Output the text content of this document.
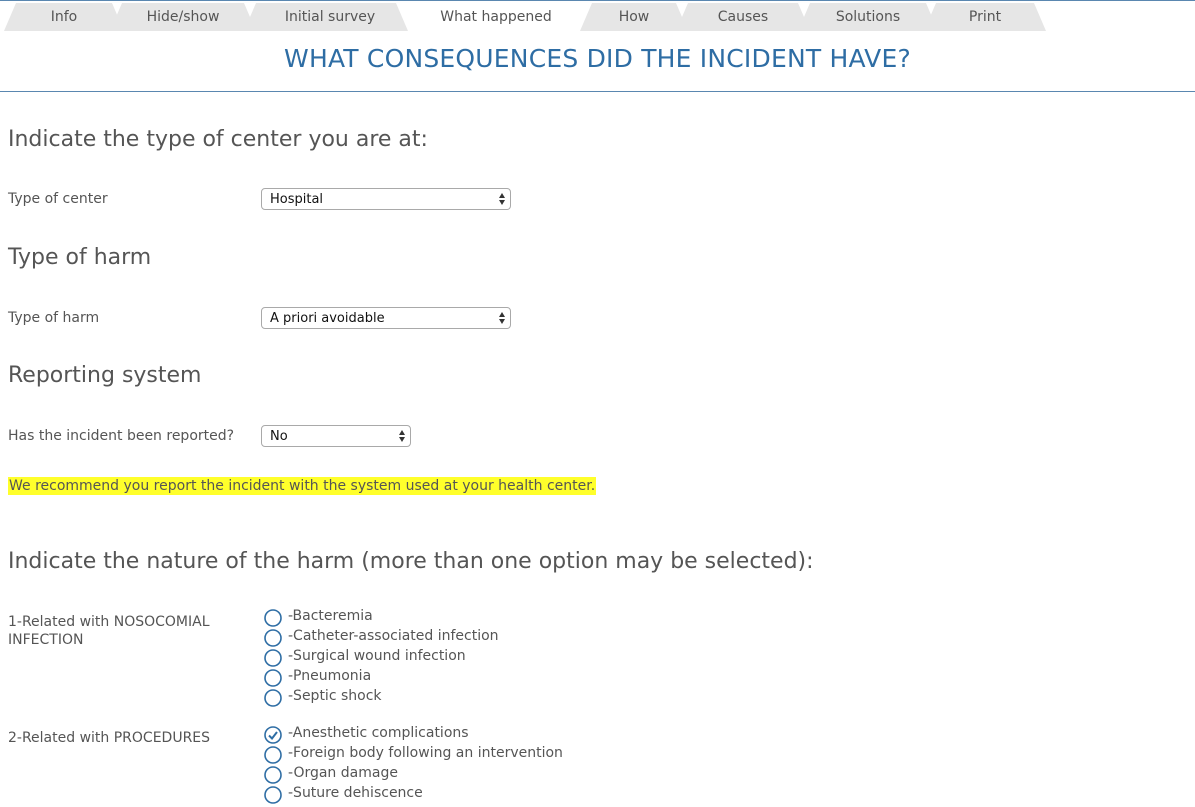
Info	Hide/show	Initial survey	What happened	How	Causes	Solutions	Print
WHAT CONSEQUENCES DID THE INCIDENT HAVE?
Indicate the type of center you are at:
Type of center	Hospital
Type of harm
Type of harm	A priori avoidable
Reporting system
Has the incident been reported?	No
We recommend you report the incident with the system used at your health center.
Indicate the nature of the harm (more than one option may be selected):
1-Related with NOSOCOMIAL INFECTION
-Bacteremia
-Catheter-associated infection
-Surgical wound infection
-Pneumonia
-Septic shock
2-Related with PROCEDURES	-Anesthetic complications
-Foreign body following an intervention
-Organ damage
-Suture dehiscence
